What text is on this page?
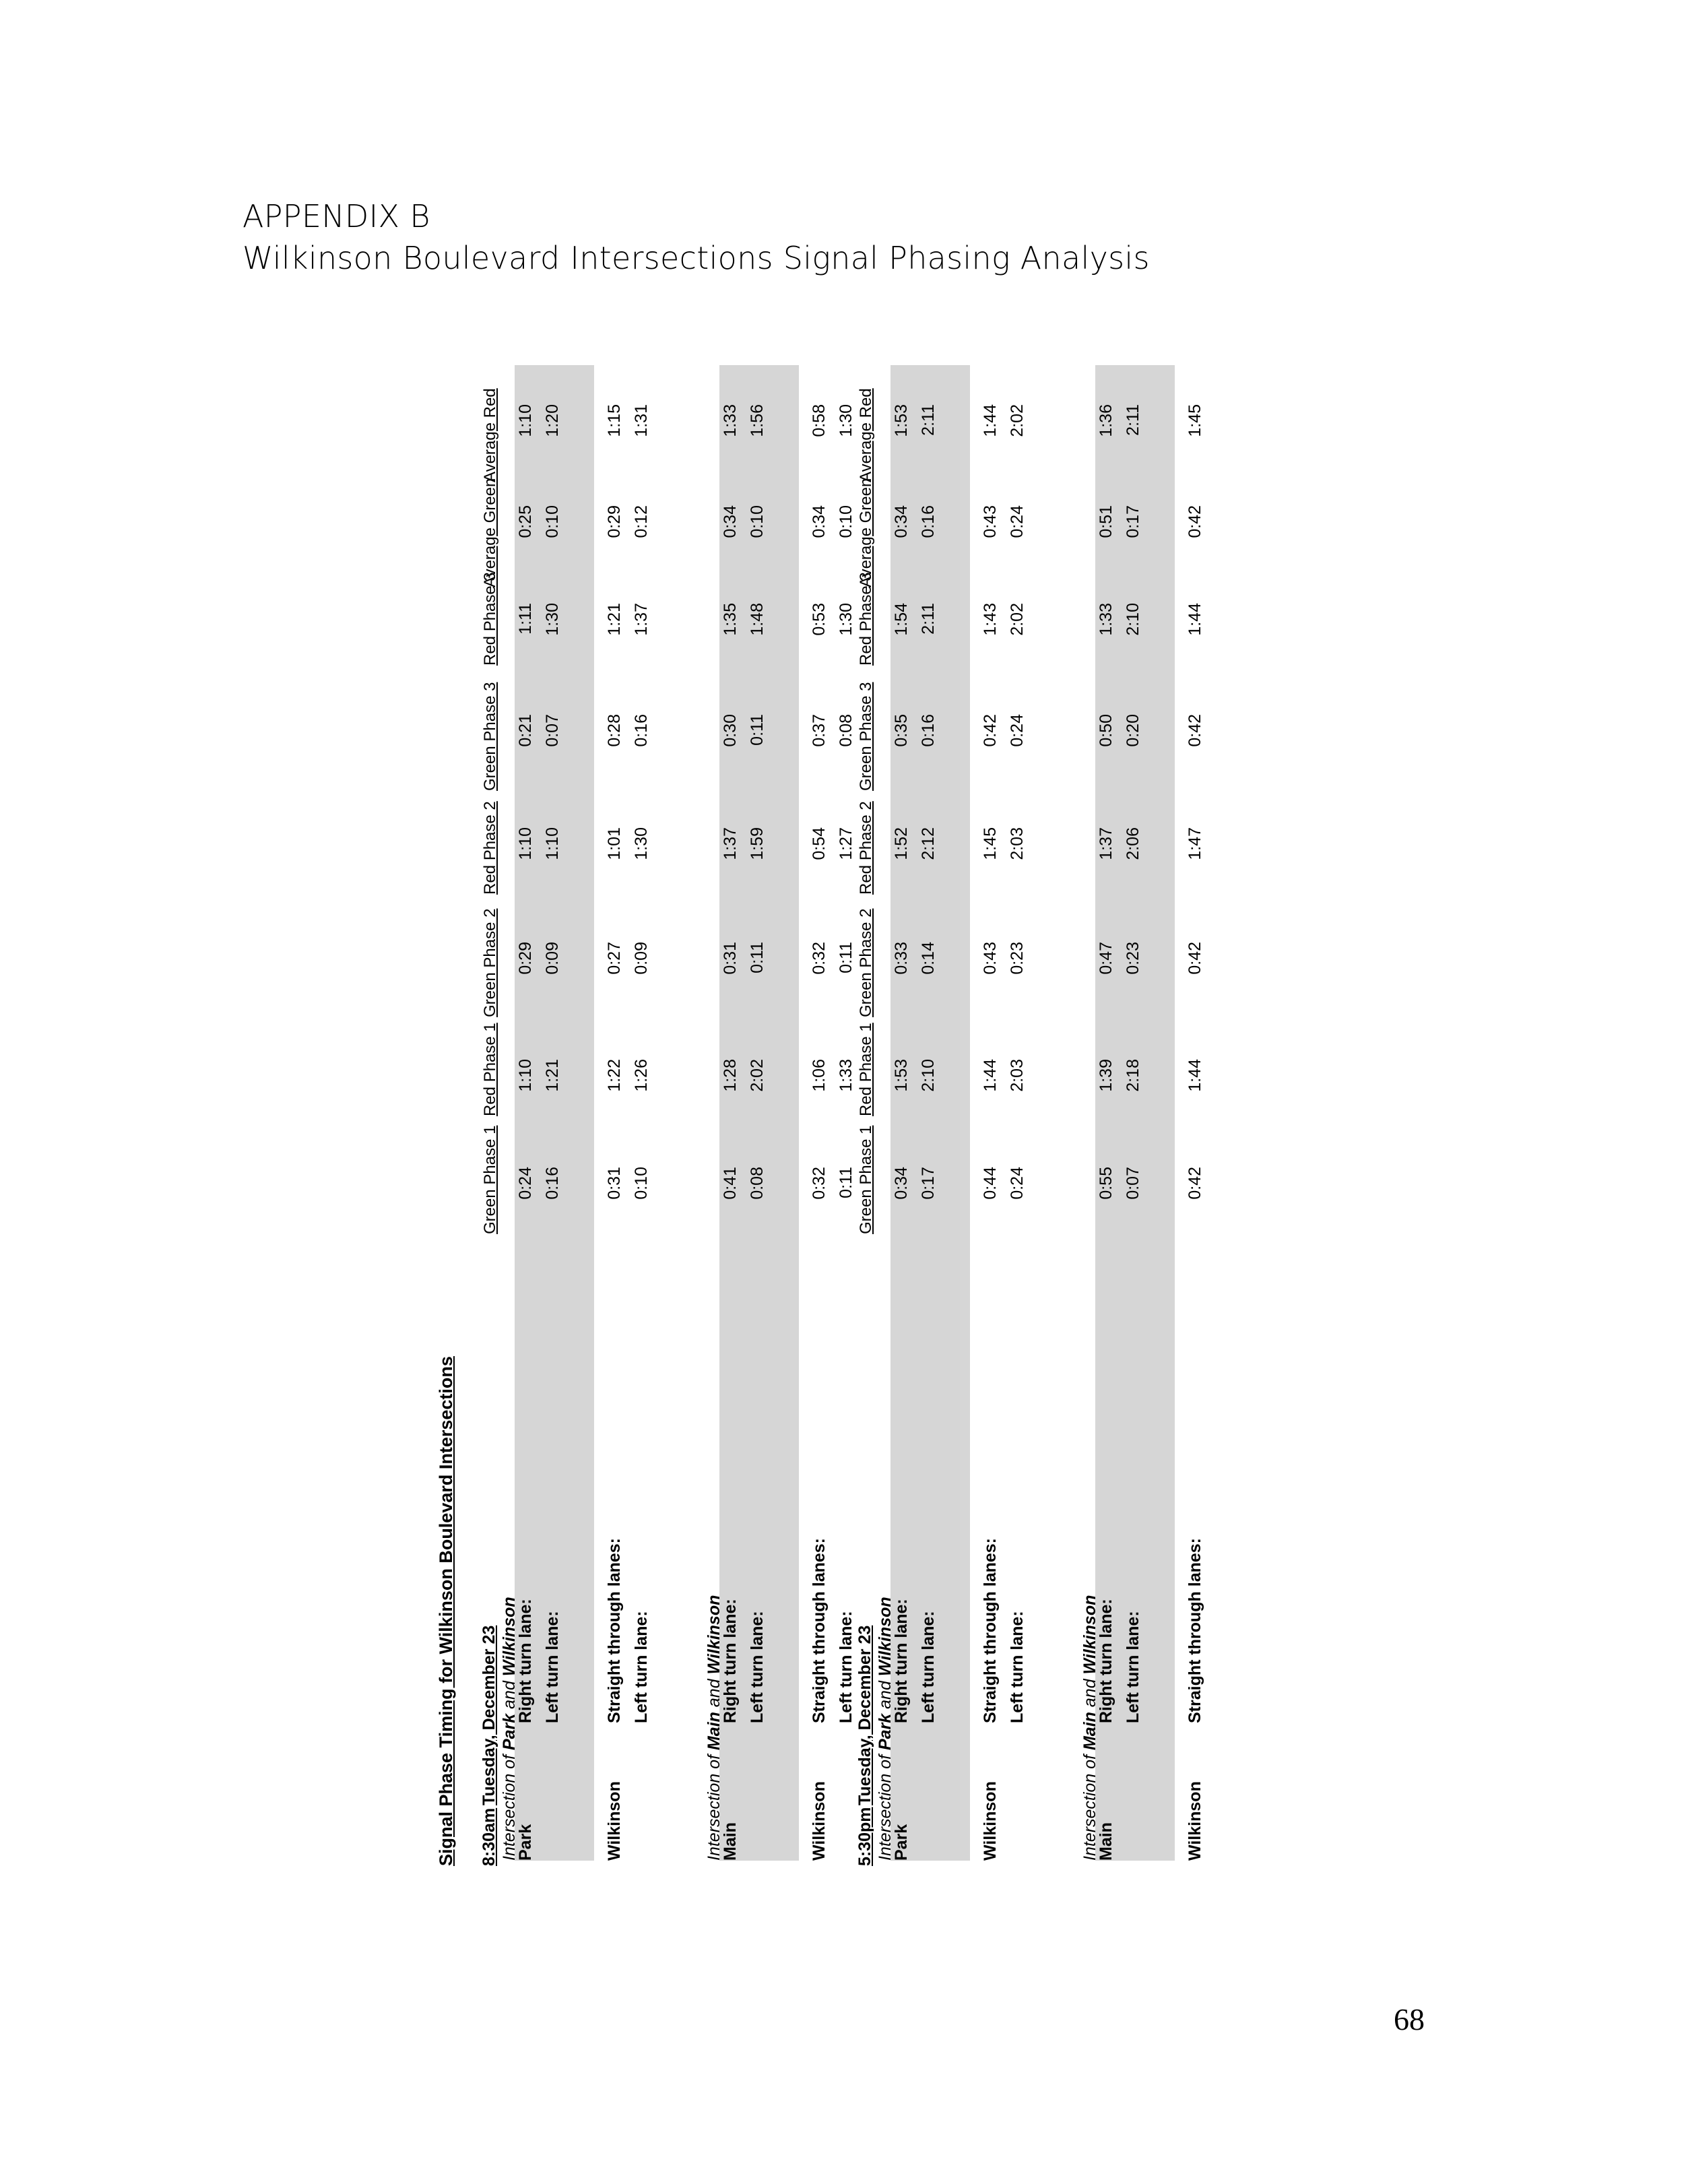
APPENDIX B
Wilkinson Boulevard Intersections Signal Phasing Analysis
Signal Phase Timing for Wilkinson Boulevard Intersections 8:30am
Tuesday, December 23
Green Phase 1
Red Phase 1
Green Phase 2
Red Phase 2
Green Phase 3
Red Phase 3
Average Green
Average Red
Intersection of Park and Wilkinson
Park
Right turn lane:
0:24
1:10
0:29
1:10
0:21
1:11
0:25
1:10
Left turn lane:
0:16
1:21
0:09
1:10
0:07
1:30
0:10
1:20
Wilkinson
Straight through lanes:
0:31
1:22
0:27
1:01
0:28
1:21
0:29
1:15
Left turn lane:
0:10
1:26
0:09
1:30
0:16
1:37
0:12
1:31
Intersection of Main and Wilkinson
Main
Right turn lane:
0:41
1:28
0:31
1:37
0:30
1:35
0:34
1:33
Left turn lane:
0:08
2:02
0:11
1:59
0:11
1:48
0:10
1:56
Wilkinson
Straight through lanes:
0:32
1:06
0:32
0:54
0:37
0:53
0:34
0:58
Left turn lane:
0:11
1:33
0:11
1:27
0:08
1:30
0:10
1:30
5:30pm
Tuesday, December 23
Green Phase 1
Red Phase 1
Green Phase 2
Red Phase 2
Green Phase 3
Red Phase 3
Average Green
Average Red
Intersection of Park and Wilkinson
Park
Right turn lane:
0:34
1:53
0:33
1:52
0:35
1:54
0:34
1:53
Left turn lane:
0:17
2:10
0:14
2:12
0:16
2:11
0:16
2:11
Wilkinson
Straight through lanes:
0:44
1:44
0:43
1:45
0:42
1:43
0:43
1:44
Left turn lane:
0:24
2:03
0:23
2:03
0:24
2:02
0:24
2:02
Intersection of Main and Wilkinson
Main
Right turn lane:
0:55
1:39
0:47
1:37
0:50
1:33
0:51
1:36
Left turn lane:
0:07
2:18
0:23
2:06
0:20
2:10
0:17
2:11
Wilkinson
Straight through lanes:
0:42
1:44
0:42
1:47
0:42
1:44
0:42
1:45
68
